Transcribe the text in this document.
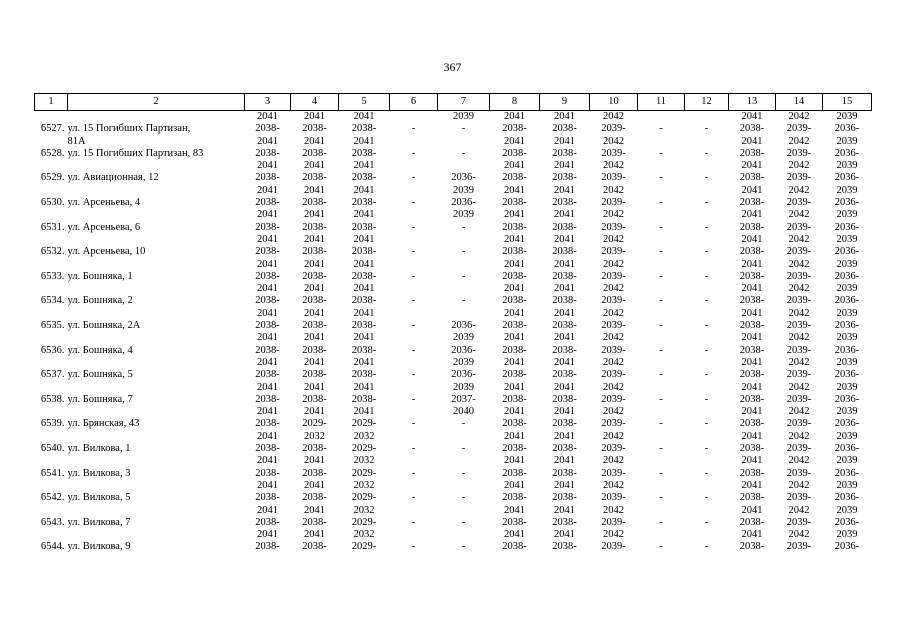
367
1	2	3	4	5	6	7	8	9	10	11	12	13	14	15
		2041	2041	2041		2039	2041	2041	2042			2041	2042	2039
6527.	ул. 15 Погибших Партизан,	2038-	2038-	2038-	-	-	2038-	2038-	2039-	-	-	2038-	2039-	2036-
	81А	2041	2041	2041			2041	2041	2042			2041	2042	2039
6528.	ул. 15 Погибших Партизан, 83	2038-	2038-	2038-	-	-	2038-	2038-	2039-	-	-	2038-	2039-	2036-
		2041	2041	2041			2041	2041	2042			2041	2042	2039
6529.	ул. Авиационная, 12	2038-	2038-	2038-	-	2036-	2038-	2038-	2039-	-	-	2038-	2039-	2036-
		2041	2041	2041		2039	2041	2041	2042			2041	2042	2039
6530.	ул. Арсеньева, 4	2038-	2038-	2038-	-	2036-	2038-	2038-	2039-	-	-	2038-	2039-	2036-
		2041	2041	2041		2039	2041	2041	2042			2041	2042	2039
6531.	ул. Арсеньева, 6	2038-	2038-	2038-	-	-	2038-	2038-	2039-	-	-	2038-	2039-	2036-
		2041	2041	2041			2041	2041	2042			2041	2042	2039
6532.	ул. Арсеньева, 10	2038-	2038-	2038-	-	-	2038-	2038-	2039-	-	-	2038-	2039-	2036-
		2041	2041	2041			2041	2041	2042			2041	2042	2039
6533.	ул. Бошняка, 1	2038-	2038-	2038-	-	-	2038-	2038-	2039-	-	-	2038-	2039-	2036-
		2041	2041	2041			2041	2041	2042			2041	2042	2039
6534.	ул. Бошняка, 2	2038-	2038-	2038-	-	-	2038-	2038-	2039-	-	-	2038-	2039-	2036-
		2041	2041	2041			2041	2041	2042			2041	2042	2039
6535.	ул. Бошняка, 2А	2038-	2038-	2038-	-	2036-	2038-	2038-	2039-	-	-	2038-	2039-	2036-
		2041	2041	2041		2039	2041	2041	2042			2041	2042	2039
6536.	ул. Бошняка, 4	2038-	2038-	2038-	-	2036-	2038-	2038-	2039-	-	-	2038-	2039-	2036-
		2041	2041	2041		2039	2041	2041	2042			2041	2042	2039
6537.	ул. Бошняка, 5	2038-	2038-	2038-	-	2036-	2038-	2038-	2039-	-	-	2038-	2039-	2036-
		2041	2041	2041		2039	2041	2041	2042			2041	2042	2039
6538.	ул. Бошняка, 7	2038-	2038-	2038-	-	2037-	2038-	2038-	2039-	-	-	2038-	2039-	2036-
		2041	2041	2041		2040	2041	2041	2042			2041	2042	2039
6539.	ул. Брянская, 43	2038-	2029-	2029-	-	-	2038-	2038-	2039-	-	-	2038-	2039-	2036-
		2041	2032	2032			2041	2041	2042			2041	2042	2039
6540.	ул. Вилкова, 1	2038-	2038-	2029-	-	-	2038-	2038-	2039-	-	-	2038-	2039-	2036-
		2041	2041	2032			2041	2041	2042			2041	2042	2039
6541.	ул. Вилкова, 3	2038-	2038-	2029-	-	-	2038-	2038-	2039-	-	-	2038-	2039-	2036-
		2041	2041	2032			2041	2041	2042			2041	2042	2039
6542.	ул. Вилкова, 5	2038-	2038-	2029-	-	-	2038-	2038-	2039-	-	-	2038-	2039-	2036-
		2041	2041	2032			2041	2041	2042			2041	2042	2039
6543.	ул. Вилкова, 7	2038-	2038-	2029-	-	-	2038-	2038-	2039-	-	-	2038-	2039-	2036-
		2041	2041	2032			2041	2041	2042			2041	2042	2039
6544.	ул. Вилкова, 9	2038-	2038-	2029-	-	-	2038-	2038-	2039-	-	-	2038-	2039-	2036-
